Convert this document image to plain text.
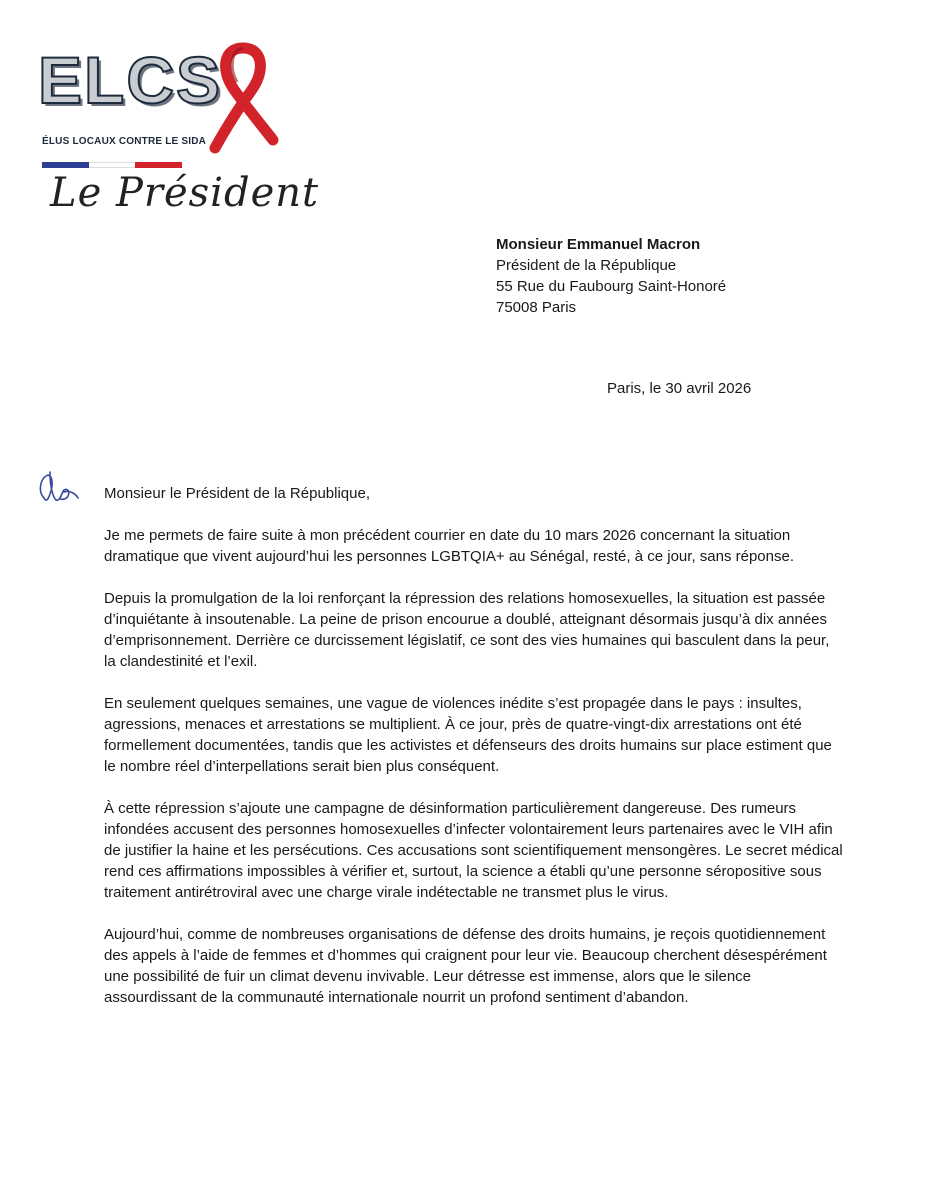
ELCS
ÉLUS LOCAUX CONTRE LE SIDA
Le Président
Monsieur Emmanuel Macron
Président de la République
55 Rue du Faubourg Saint-Honoré
75008 Paris
Paris, le 30 avril 2026

Monsieur le Président de la République,

Je me permets de faire suite à mon précédent courrier en date du 10 mars 2026 concernant la situation dramatique que vivent aujourd’hui les personnes LGBTQIA+ au Sénégal, resté, à ce jour, sans réponse.

Depuis la promulgation de la loi renforçant la répression des relations homosexuelles, la situation est passée d’inquiétante à insoutenable. La peine de prison encourue a doublé, atteignant désormais jusqu’à dix années d’emprisonnement. Derrière ce durcissement législatif, ce sont des vies humaines qui basculent dans la peur, la clandestinité et l’exil.

En seulement quelques semaines, une vague de violences inédite s’est propagée dans le pays : insultes, agressions, menaces et arrestations se multiplient. À ce jour, près de quatre-vingt-dix arrestations ont été formellement documentées, tandis que les activistes et défenseurs des droits humains sur place estiment que le nombre réel d’interpellations serait bien plus conséquent.

À cette répression s’ajoute une campagne de désinformation particulièrement dangereuse. Des rumeurs infondées accusent des personnes homosexuelles d’infecter volontairement leurs partenaires avec le VIH afin de justifier la haine et les persécutions. Ces accusations sont scientifiquement mensongères. Le secret médical rend ces affirmations impossibles à vérifier et, surtout, la science a établi qu’une personne séropositive sous traitement antirétroviral avec une charge virale indétectable ne transmet plus le virus.

Aujourd’hui, comme de nombreuses organisations de défense des droits humains, je reçois quotidiennement des appels à l’aide de femmes et d’hommes qui craignent pour leur vie. Beaucoup cherchent désespérément une possibilité de fuir un climat devenu invivable. Leur détresse est immense, alors que le silence assourdissant de la communauté internationale nourrit un profond sentiment d’abandon.
